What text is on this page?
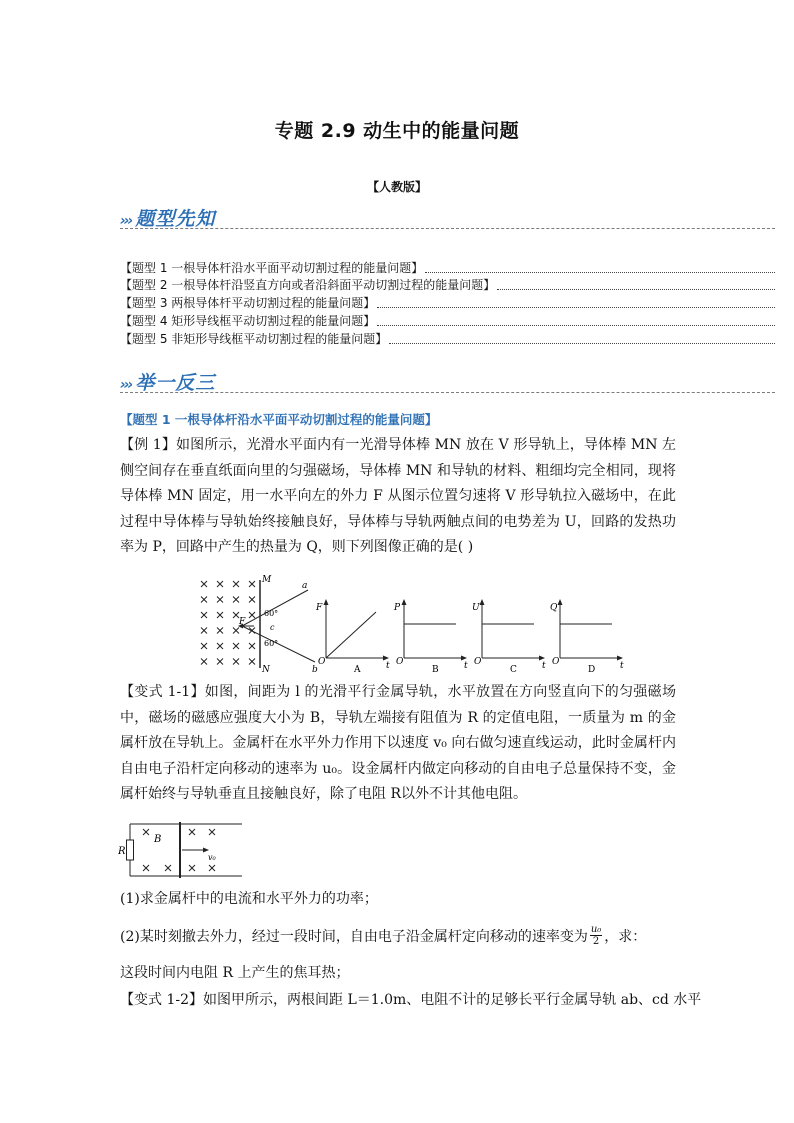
专题 2.9 动生中的能量问题
【人教版】
››› 题型先知
【题型 1 一根导体杆沿水平面平动切割过程的能量问题】
【题型 2 一根导体杆沿竖直方向或者沿斜面平动切割过程的能量问题】
【题型 3 两根导体杆平动切割过程的能量问题】
【题型 4 矩形导线框平动切割过程的能量问题】
【题型 5 非矩形导线框平动切割过程的能量问题】
››› 举一反三
【题型 1 一根导体杆沿水平面平动切割过程的能量问题】
【例 1】如图所示，光滑水平面内有一光滑导体棒 MN 放在 V 形导轨上，导体棒 MN 左侧空间存在垂直纸面向里的匀强磁场，导体棒 MN 和导轨的材料、粗细均完全相同，现将导体棒 MN 固定，用一水平向左的外力 F 从图示位置匀速将 V 形导轨拉入磁场中，在此过程中导体棒与导轨始终接触良好，导体棒与导轨两触点间的电势差为 U，回路的发热功率为 P，回路中产生的热量为 Q，则下列图像正确的是( )
M
N
a
b
c
F
60°
60°
F
O	t
A
P
O	t
B
U
O	t
C
Q
O	t
D
【变式 1-1】如图，间距为 l 的光滑平行金属导轨，水平放置在方向竖直向下的匀强磁场中，磁场的磁感应强度大小为 B，导轨左端接有阻值为 R 的定值电阻，一质量为 m 的金属杆放在导轨上。金属杆在水平外力作用下以速度 v₀ 向右做匀速直线运动，此时金属杆内自由电子沿杆定向移动的速率为 u₀。设金属杆内做定向移动的自由电子总量保持不变，金属杆始终与导轨垂直且接触良好，除了电阻 R以外不计其他电阻。
R
B
v₀
(1)求金属杆中的电流和水平外力的功率；
(2)某时刻撤去外力，经过一段时间，自由电子沿金属杆定向移动的速率变为 $\frac{\text{u₀}}{2}$ ，求：
这段时间内电阻 R 上产生的焦耳热；
【变式 1-2】如图甲所示，两根间距 L＝1.0m、电阻不计的足够长平行金属导轨 ab、cd 水平
